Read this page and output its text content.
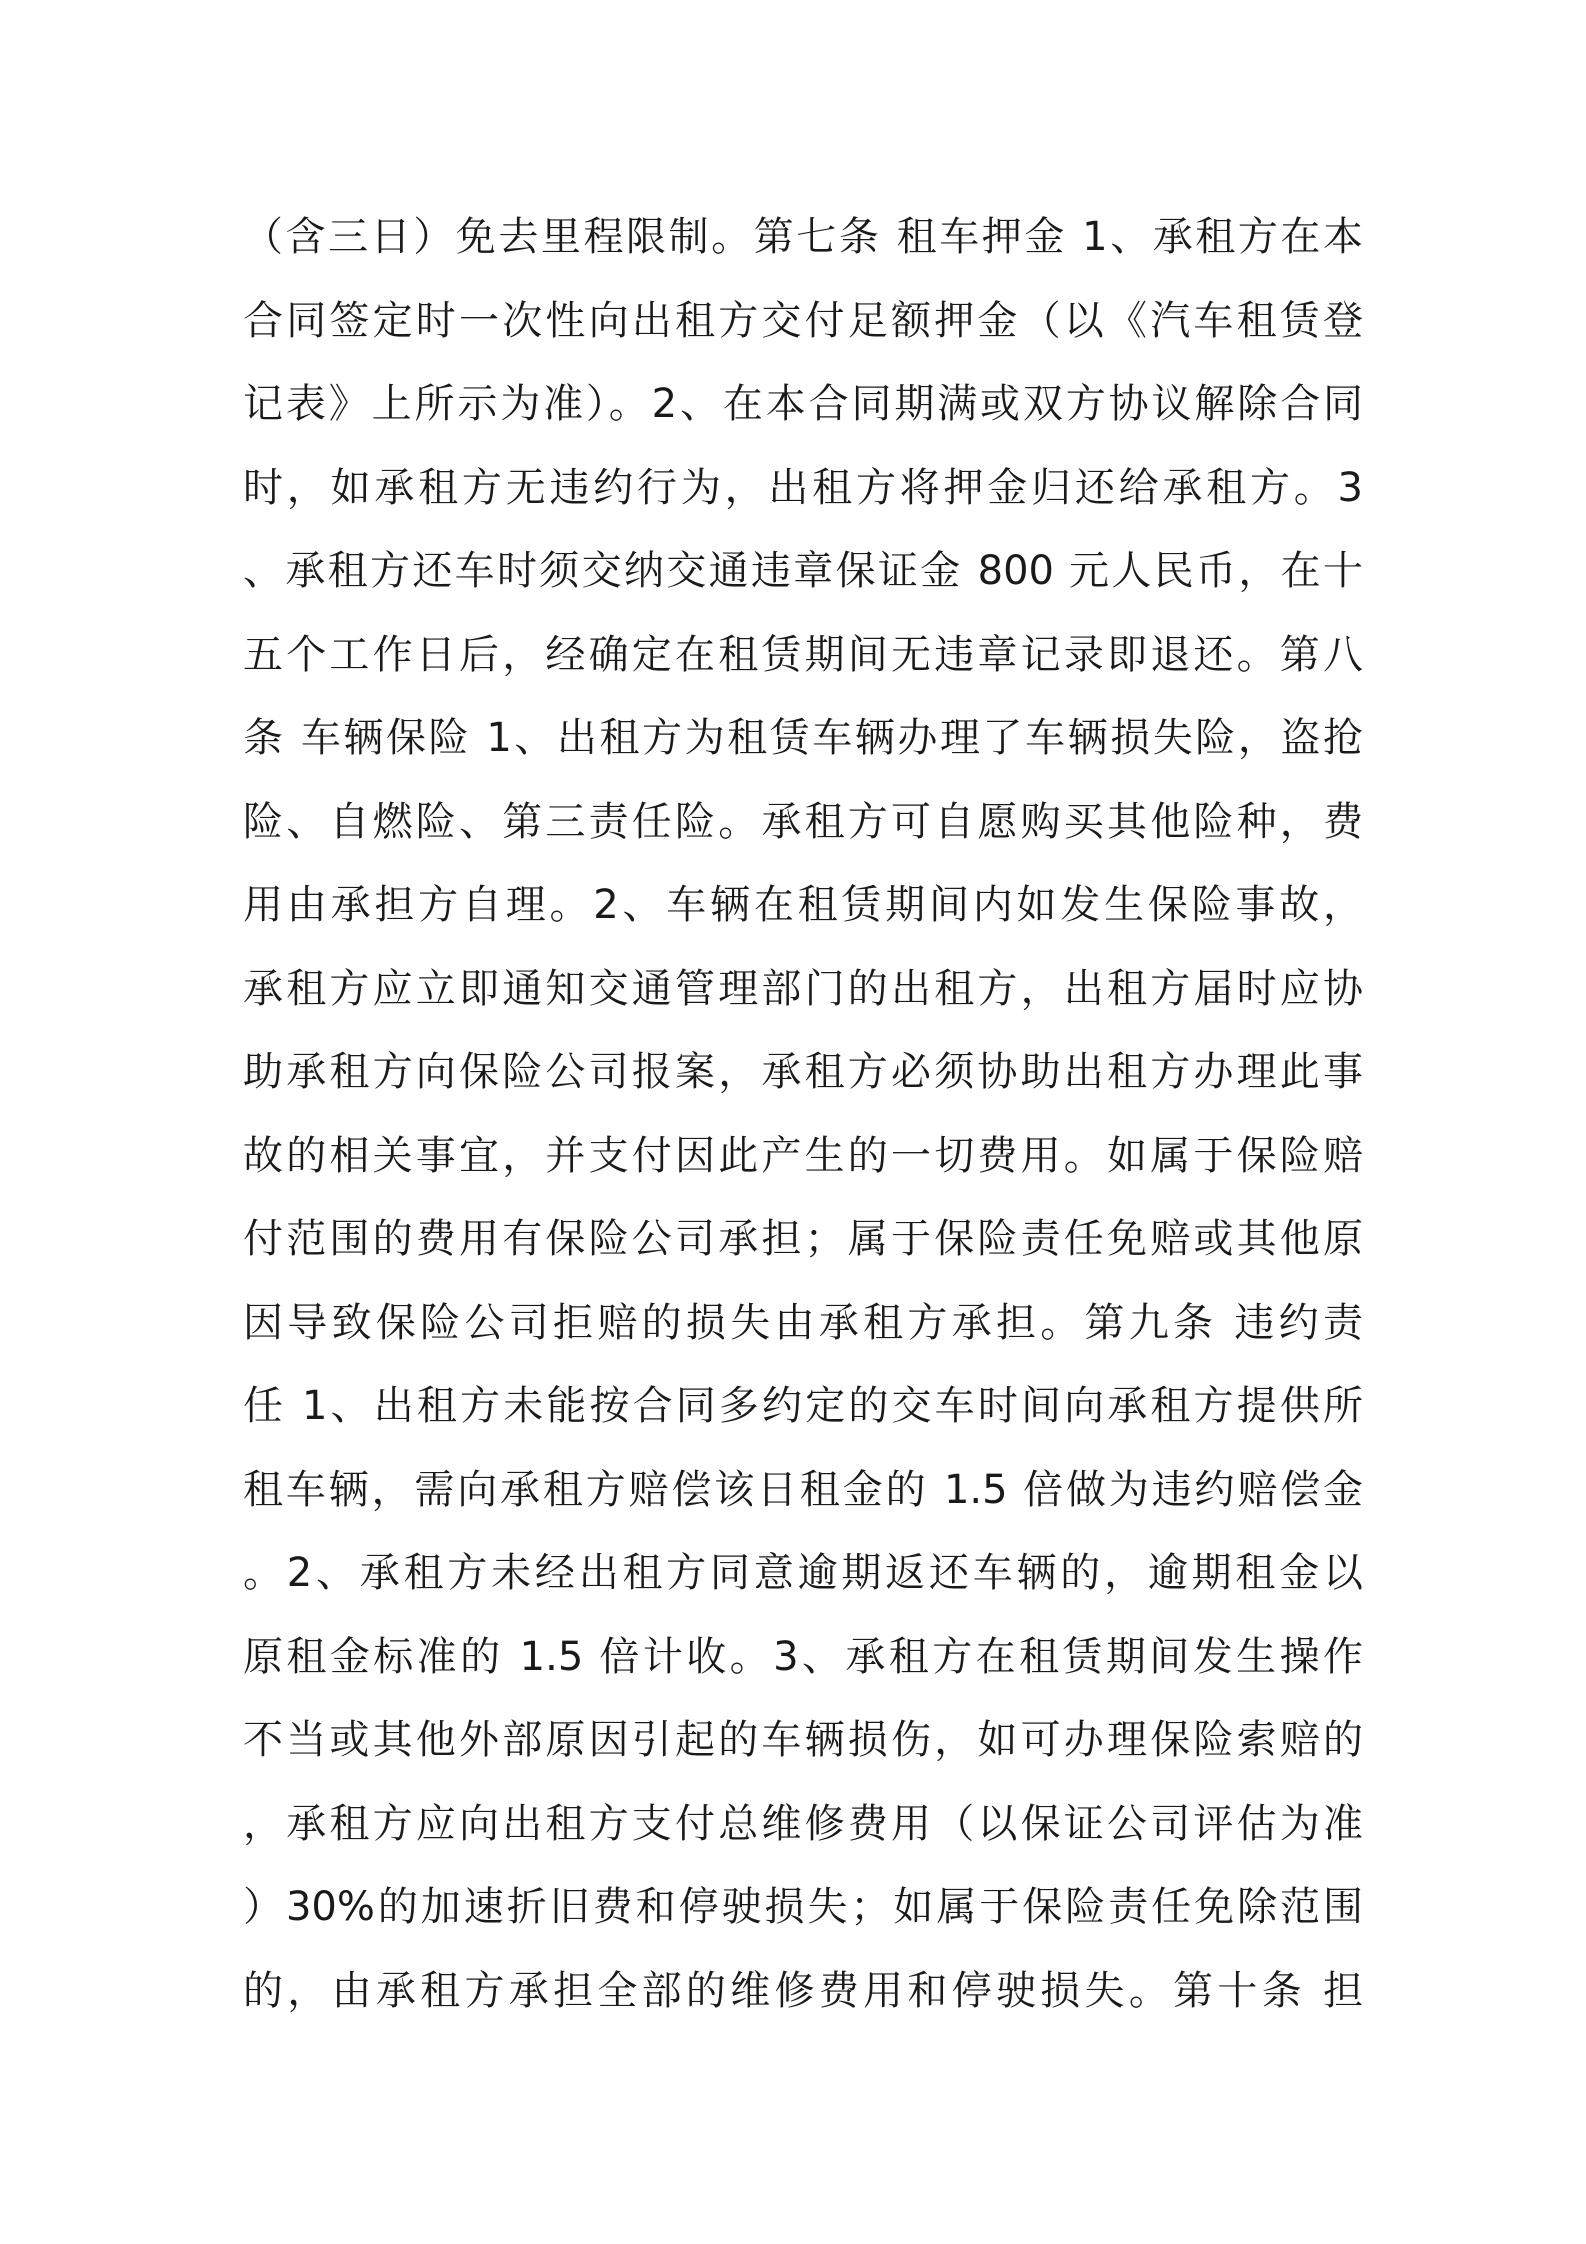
（含三日）免去里程限制。第七条 租车押金 1、承租方在本
合同签定时一次性向出租方交付足额押金（以《汽车租赁登
记表》上所示为准）。2、在本合同期满或双方协议解除合同
时，如承租方无违约行为，出租方将押金归还给承租方。3
、承租方还车时须交纳交通违章保证金 800 元人民币，在十
五个工作日后，经确定在租赁期间无违章记录即退还。第八
条 车辆保险 1、出租方为租赁车辆办理了车辆损失险，盗抢
险、自燃险、第三责任险。承租方可自愿购买其他险种，费
用由承担方自理。2、车辆在租赁期间内如发生保险事故，
承租方应立即通知交通管理部门的出租方，出租方届时应协
助承租方向保险公司报案，承租方必须协助出租方办理此事
故的相关事宜，并支付因此产生的一切费用。如属于保险赔
付范围的费用有保险公司承担；属于保险责任免赔或其他原
因导致保险公司拒赔的损失由承租方承担。第九条 违约责
任 1、出租方未能按合同多约定的交车时间向承租方提供所
租车辆，需向承租方赔偿该日租金的 1.5 倍做为违约赔偿金
。2、承租方未经出租方同意逾期返还车辆的，逾期租金以
原租金标准的 1.5 倍计收。3、承租方在租赁期间发生操作
不当或其他外部原因引起的车辆损伤，如可办理保险索赔的
，承租方应向出租方支付总维修费用（以保证公司评估为准
）30%的加速折旧费和停驶损失；如属于保险责任免除范围
的，由承租方承担全部的维修费用和停驶损失。第十条 担
